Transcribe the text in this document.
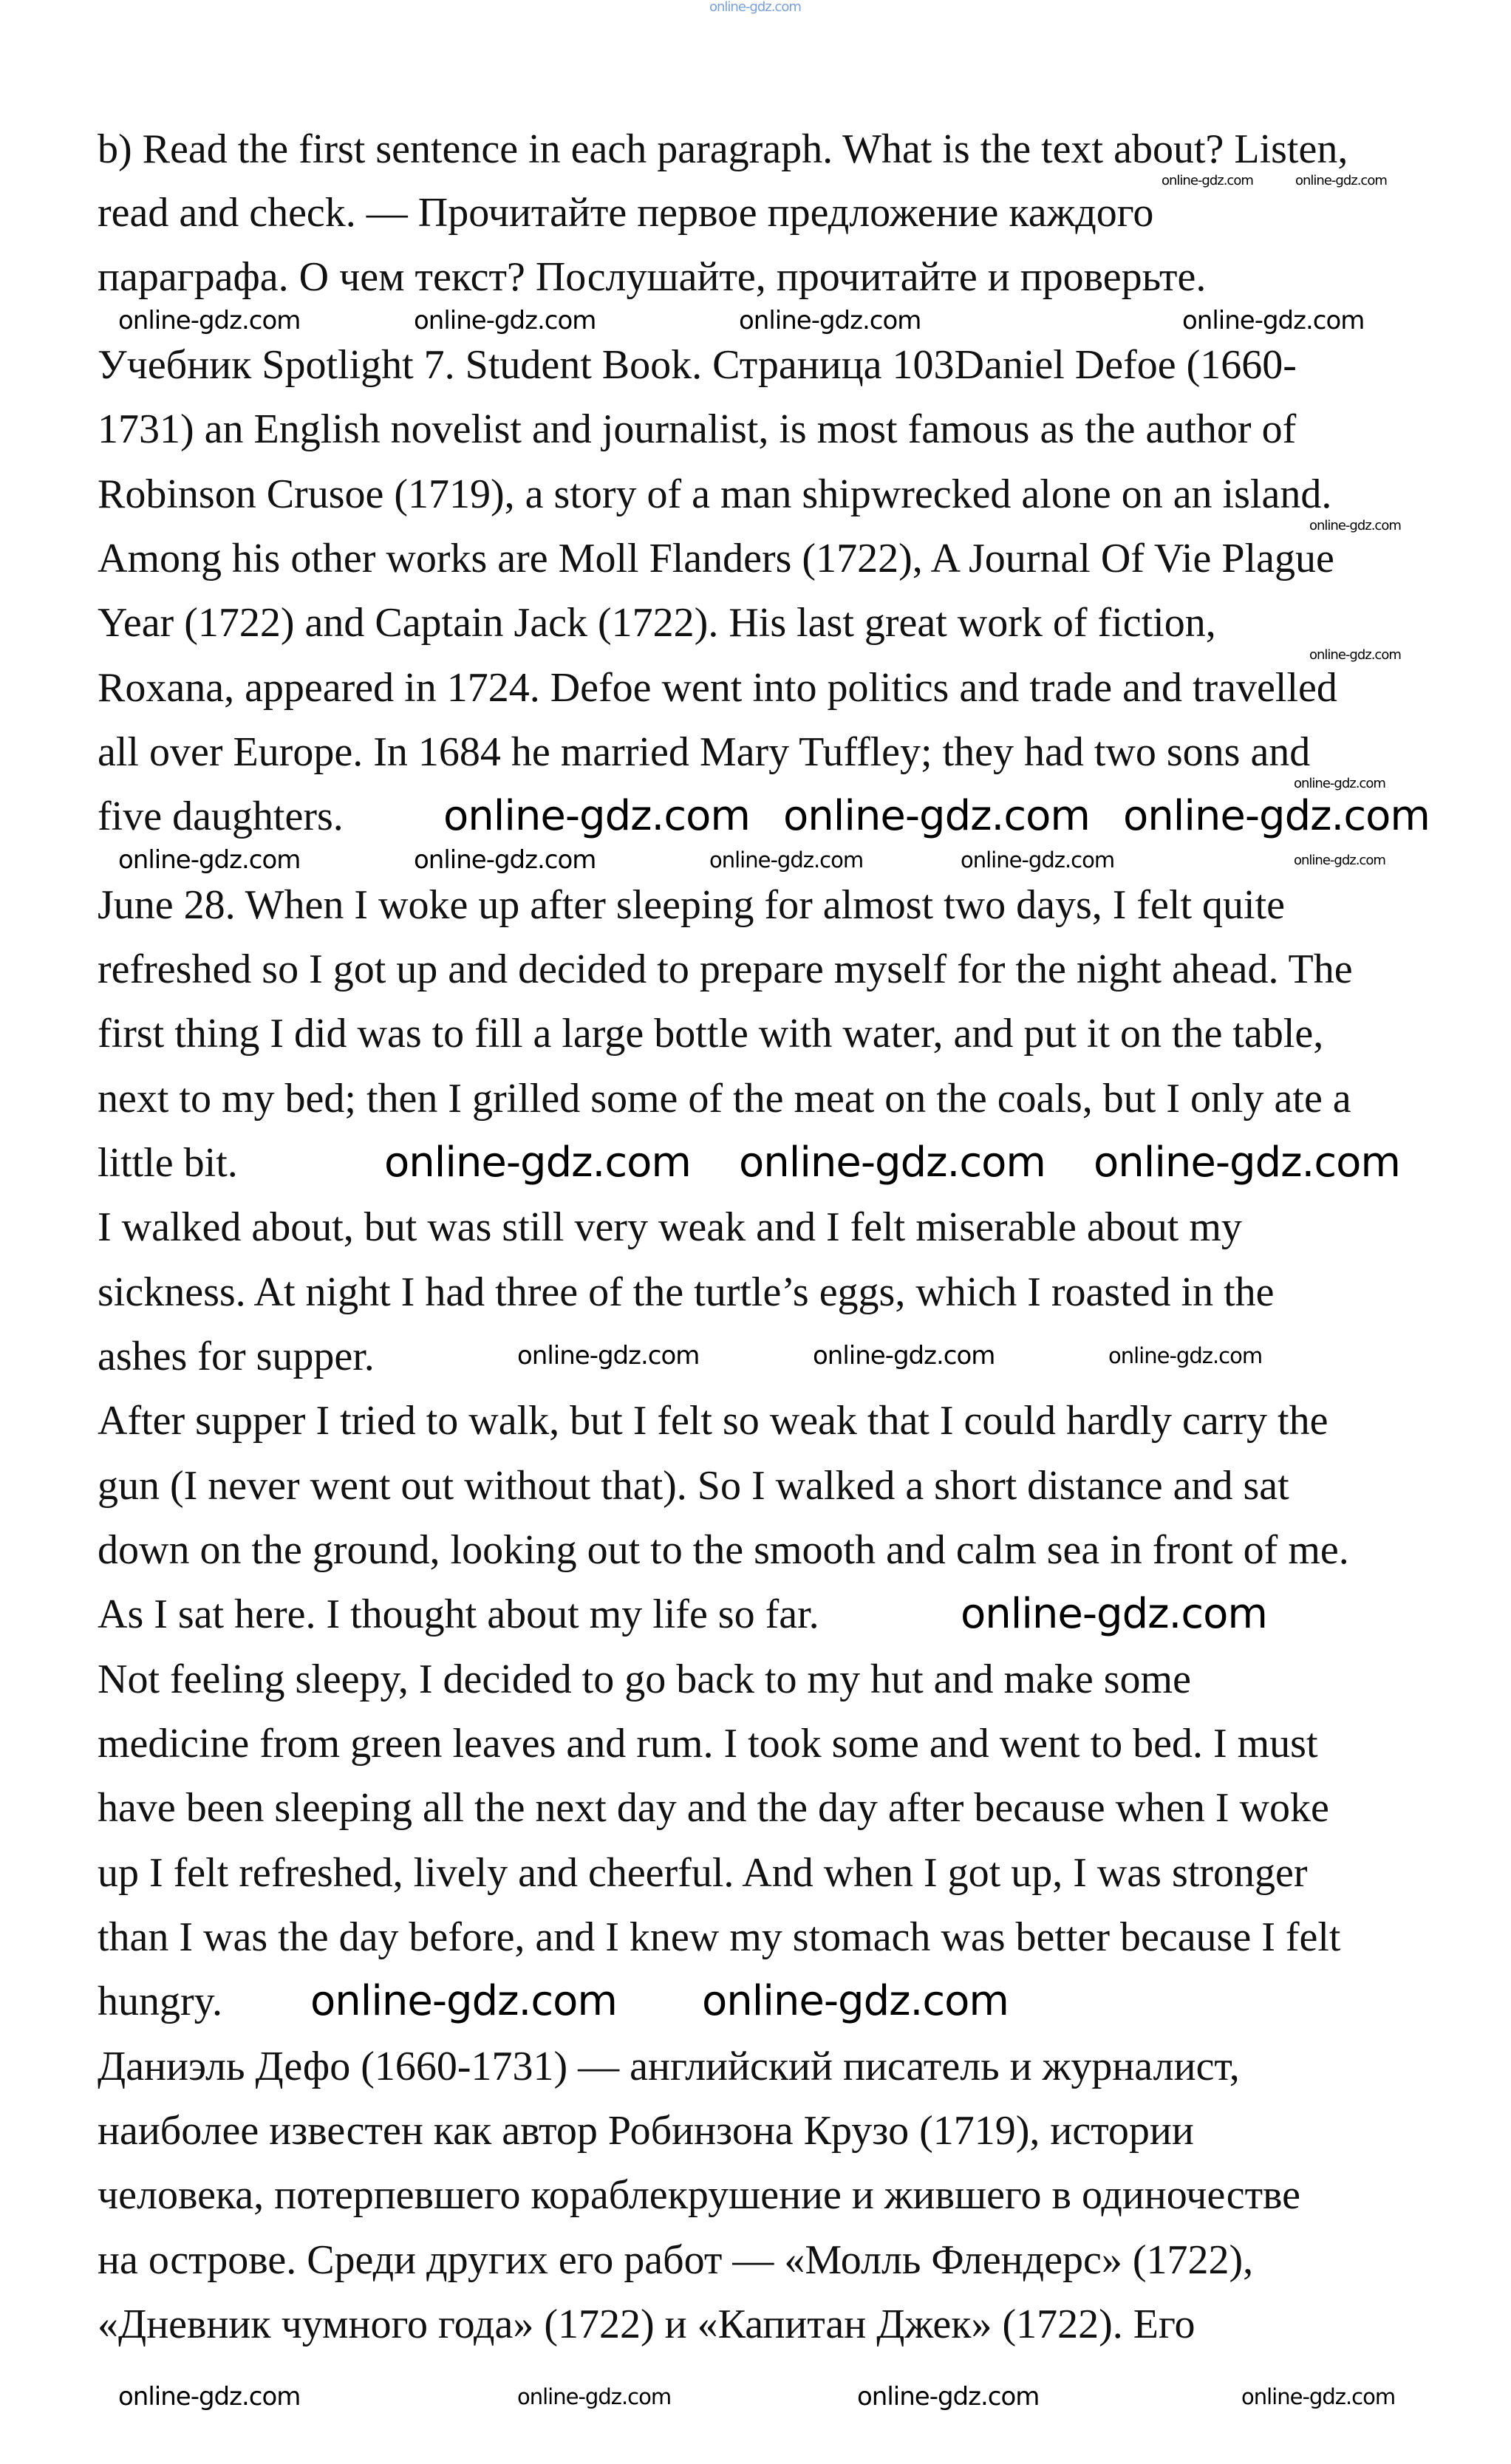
b) Read the first sentence in each paragraph. What is the text about? Listen,
read and check. — Прочитайте первое предложение каждого
параграфа. О чем текст? Послушайте, прочитайте и проверьте.
Учебник Spotlight 7. Student Book. Страница 103Daniel Defoe (1660-
1731) an English novelist and journalist, is most famous as the author of
Robinson Crusoe (1719), a story of a man shipwrecked alone on an island.
Among his other works are Moll Flanders (1722), A Journal Of Vie Plague
Year (1722) and Captain Jack (1722). His last great work of fiction,
Roxana, appeared in 1724. Defoe went into politics and trade and travelled
all over Europe. In 1684 he married Mary Tuffley; they had two sons and
five daughters.
June 28. When I woke up after sleeping for almost two days, I felt quite
refreshed so I got up and decided to prepare myself for the night ahead. The
first thing I did was to fill a large bottle with water, and put it on the table,
next to my bed; then I grilled some of the meat on the coals, but I only ate a
little bit.
I walked about, but was still very weak and I felt miserable about my
sickness. At night I had three of the turtle’s eggs, which I roasted in the
ashes for supper.
After supper I tried to walk, but I felt so weak that I could hardly carry the
gun (I never went out without that). So I walked a short distance and sat
down on the ground, looking out to the smooth and calm sea in front of me.
As I sat here. I thought about my life so far.
Not feeling sleepy, I decided to go back to my hut and make some
medicine from green leaves and rum. I took some and went to bed. I must
have been sleeping all the next day and the day after because when I woke
up I felt refreshed, lively and cheerful. And when I got up, I was stronger
than I was the day before, and I knew my stomach was better because I felt
hungry.
Даниэль Дефо (1660-1731) — английский писатель и журналист,
наиболее известен как автор Робинзона Крузо (1719), истории
человека, потерпевшего кораблекрушение и жившего в одиночестве
на острове. Среди других его работ — «Молль Флендерс» (1722),
«Дневник чумного года» (1722) и «Капитан Джек» (1722). Его
online-gdz.com
online-gdz.com	online-gdz.com
online-gdz.com
online-gdz.com
online-gdz.com
online-gdz.com
online-gdz.com	online-gdz.com	online-gdz.com	online-gdz.com
online-gdz.com online-gdz.com online-gdz.com
online-gdz.com	online-gdz.com	online-gdz.com	online-gdz.com
online-gdz.com online-gdz.com online-gdz.com
online-gdz.com	online-gdz.com	online-gdz.com
online-gdz.com
online-gdz.com online-gdz.com
online-gdz.com	online-gdz.com	online-gdz.com	online-gdz.com
